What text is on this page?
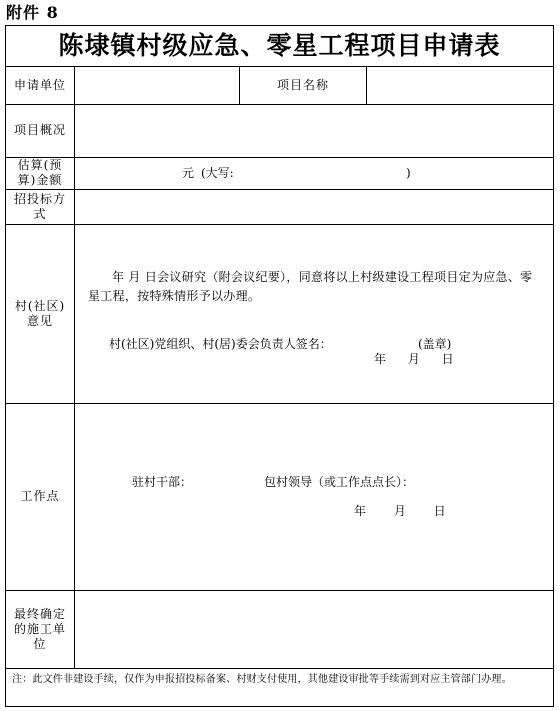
附件 8
陈埭镇村级应急、零星工程项目申请表
申请单位	项目名称
项目概况
估算(预算)金额	元 (大写:	)
招投标方式
村(社区)意见
年 月 日会议研究（附会议纪要），同意将以上村级建设工程项目定为应急、零星工程，按特殊情形予以办理。
村(社区)党组织、村(居)委会负责人签名：	(盖章)
年 月 日
工作点
驻村干部：	包村领导（或工作点点长）：
年 月 日
最终确定的施工单位
注：此文件非建设手续，仅作为申报招投标备案、村财支付使用，其他建设审批等手续需到对应主管部门办理。
